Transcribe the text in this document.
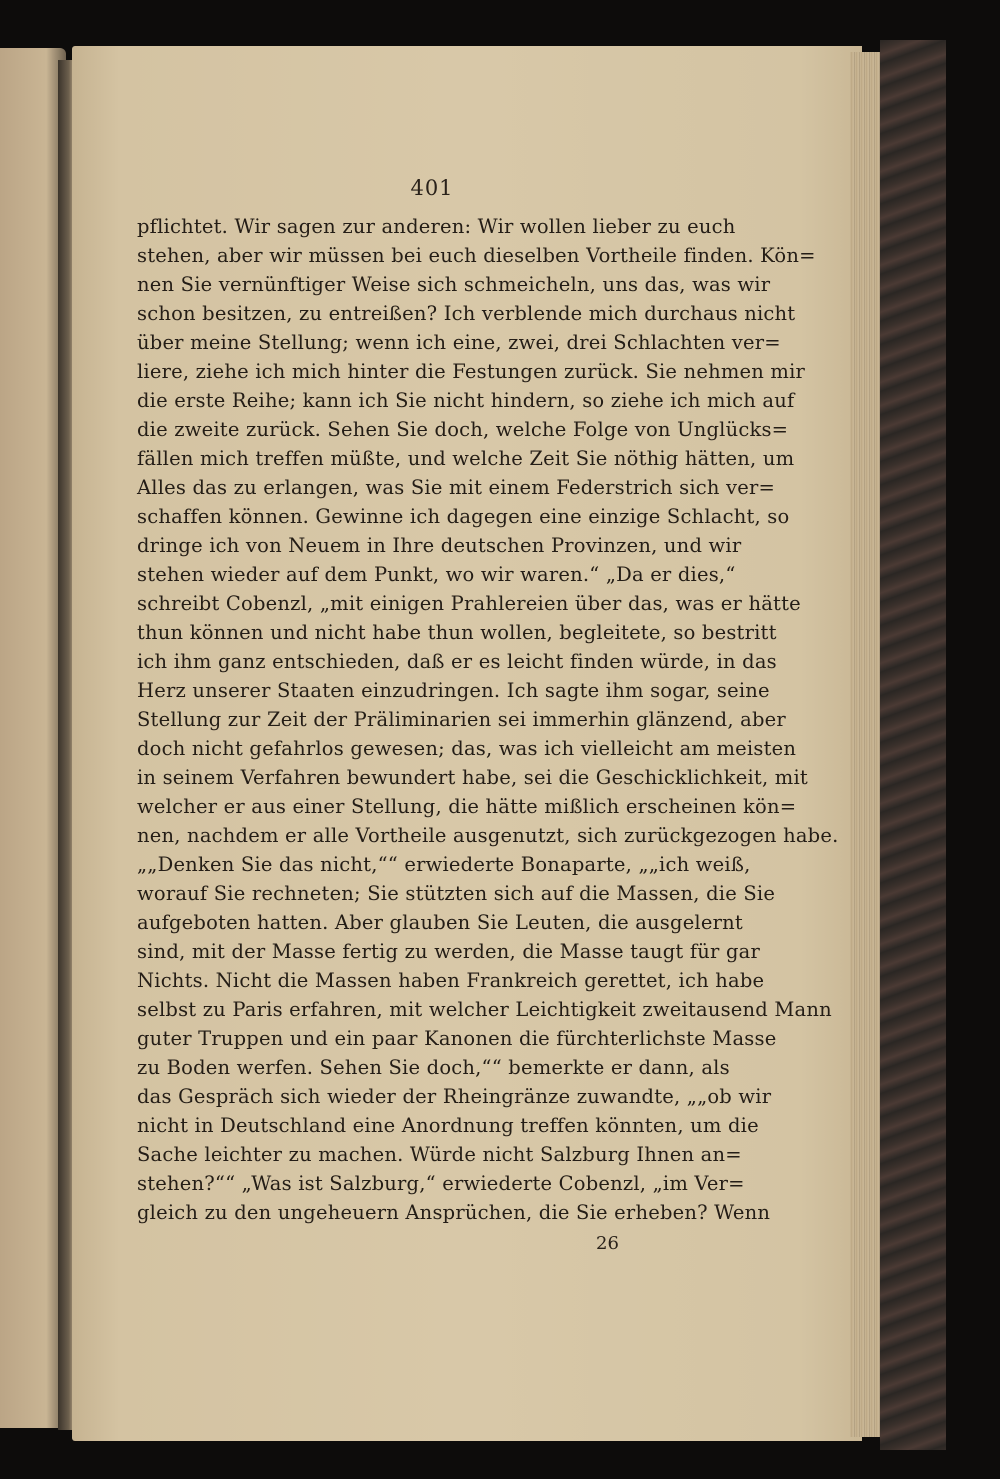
401
pflichtet. Wir sagen zur anderen: Wir wollen lieber zu euch
stehen, aber wir müssen bei euch dieselben Vortheile finden. Kön=
nen Sie vernünftiger Weise sich schmeicheln, uns das, was wir
schon besitzen, zu entreißen? Ich verblende mich durchaus nicht
über meine Stellung; wenn ich eine, zwei, drei Schlachten ver=
liere, ziehe ich mich hinter die Festungen zurück. Sie nehmen mir
die erste Reihe; kann ich Sie nicht hindern, so ziehe ich mich auf
die zweite zurück. Sehen Sie doch, welche Folge von Unglücks=
fällen mich treffen müßte, und welche Zeit Sie nöthig hätten, um
Alles das zu erlangen, was Sie mit einem Federstrich sich ver=
schaffen können. Gewinne ich dagegen eine einzige Schlacht, so
dringe ich von Neuem in Ihre deutschen Provinzen, und wir
stehen wieder auf dem Punkt, wo wir waren.“ „Da er dies,“
schreibt Cobenzl, „mit einigen Prahlereien über das, was er hätte
thun können und nicht habe thun wollen, begleitete, so bestritt
ich ihm ganz entschieden, daß er es leicht finden würde, in das
Herz unserer Staaten einzudringen. Ich sagte ihm sogar, seine
Stellung zur Zeit der Präliminarien sei immerhin glänzend, aber
doch nicht gefahrlos gewesen; das, was ich vielleicht am meisten
in seinem Verfahren bewundert habe, sei die Geschicklichkeit, mit
welcher er aus einer Stellung, die hätte mißlich erscheinen kön=
nen, nachdem er alle Vortheile ausgenutzt, sich zurückgezogen habe.
„„Denken Sie das nicht,““ erwiederte Bonaparte, „„ich weiß,
worauf Sie rechneten; Sie stützten sich auf die Massen, die Sie
aufgeboten hatten. Aber glauben Sie Leuten, die ausgelernt
sind, mit der Masse fertig zu werden, die Masse taugt für gar
Nichts. Nicht die Massen haben Frankreich gerettet, ich habe
selbst zu Paris erfahren, mit welcher Leichtigkeit zweitausend Mann
guter Truppen und ein paar Kanonen die fürchterlichste Masse
zu Boden werfen. Sehen Sie doch,““ bemerkte er dann, als
das Gespräch sich wieder der Rheingränze zuwandte, „„ob wir
nicht in Deutschland eine Anordnung treffen könnten, um die
Sache leichter zu machen. Würde nicht Salzburg Ihnen an=
stehen?““ „Was ist Salzburg,“ erwiederte Cobenzl, „im Ver=
gleich zu den ungeheuern Ansprüchen, die Sie erheben? Wenn
26
